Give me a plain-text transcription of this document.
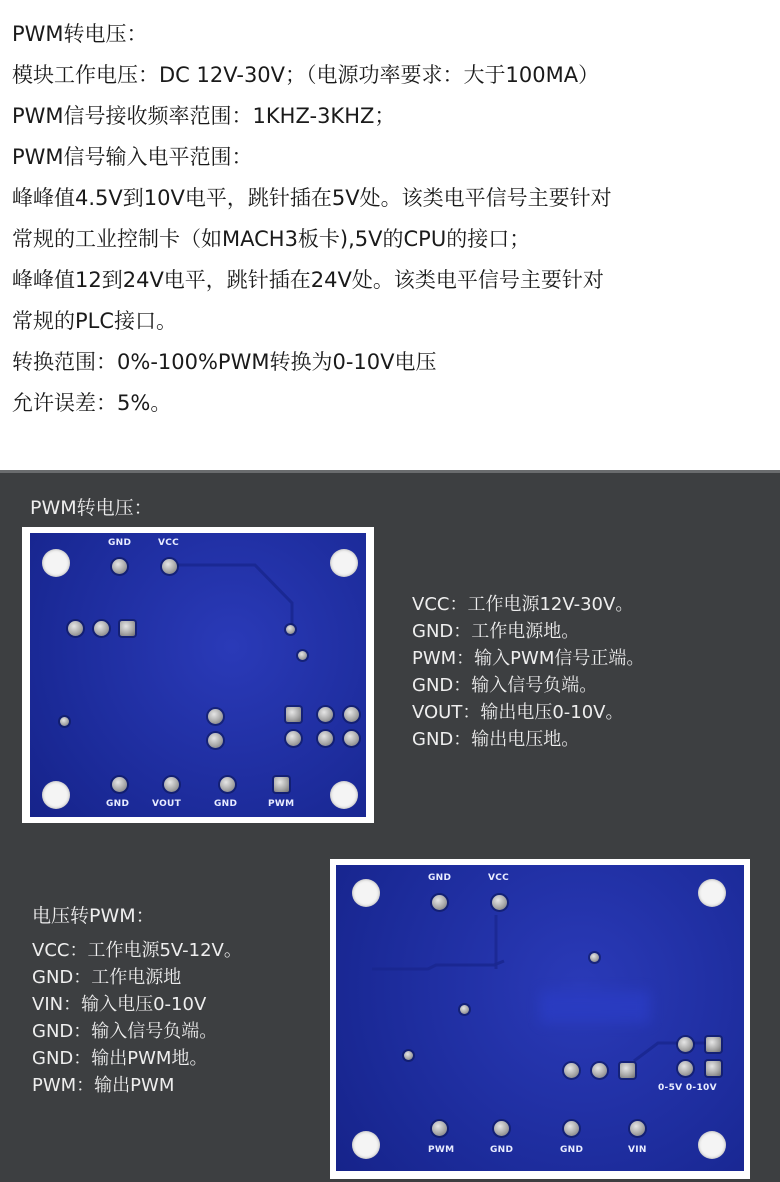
PWM转电压：
模块工作电压：DC 12V-30V；（电源功率要求：大于100MA）
PWM信号接收频率范围：1KHZ-3KHZ；
PWM信号输入电平范围：
峰峰值4.5V到10V电平，跳针插在5V处。该类电平信号主要针对
常规的工业控制卡（如MACH3板卡),5V的CPU的接口；
峰峰值12到24V电平，跳针插在24V处。该类电平信号主要针对
常规的PLC接口。
转换范围：0%-100%PWM转换为0-10V电压
允许误差：5%。
PWM转电压：
GND	VCC
GND	VOUT	GND	PWM
VCC：工作电源12V-30V。
GND：工作电源地。
PWM：输入PWM信号正端。
GND：输入信号负端。
VOUT：输出电压0-10V。
GND：输出电压地。
电压转PWM：
VCC：工作电源5V-12V。
GND：工作电源地
VIN：输入电压0-10V
GND：输入信号负端。
GND：输出PWM地。
PWM：输出PWM
GND	VCC
0-5V 0-10V
PWM	GND	GND	VIN
